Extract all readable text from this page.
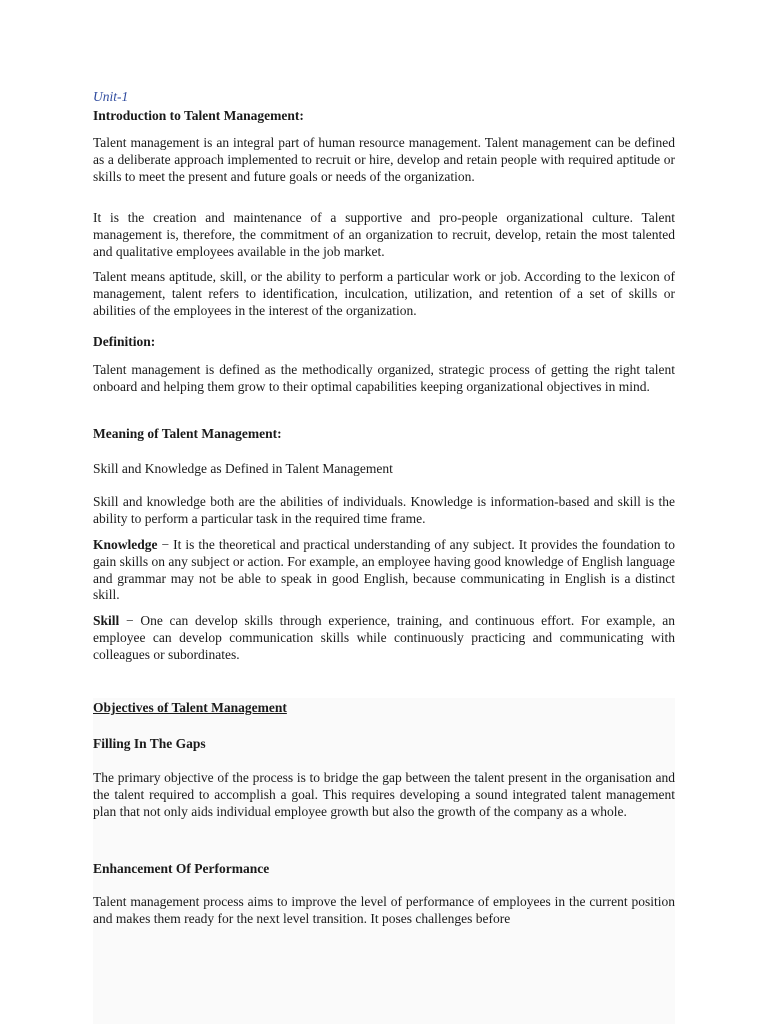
Unit-1
Introduction to Talent Management:

Talent management is an integral part of human resource management. Talent management can be defined as a deliberate approach implemented to recruit or hire, develop and retain people with required aptitude or skills to meet the present and future goals or needs of the organization.

It is the creation and maintenance of a supportive and pro-people organizational culture. Talent management is, therefore, the commitment of an organization to recruit, develop, retain the most talented and qualitative employees available in the job market.

Talent means aptitude, skill, or the ability to perform a particular work or job. According to the lexicon of management, talent refers to identification, inculcation, utilization, and retention of a set of skills or abilities of the employees in the interest of the organization.

Definition:

Talent management is defined as the methodically organized, strategic process of getting the right talent onboard and helping them grow to their optimal capabilities keeping organizational objectives in mind.

Meaning of Talent Management:

Skill and Knowledge as Defined in Talent Management

Skill and knowledge both are the abilities of individuals. Knowledge is information-based and skill is the ability to perform a particular task in the required time frame.

Knowledge − It is the theoretical and practical understanding of any subject. It provides the foundation to gain skills on any subject or action. For example, an employee having good knowledge of English language and grammar may not be able to speak in good English, because communicating in English is a distinct skill.

Skill − One can develop skills through experience, training, and continuous effort. For example, an employee can develop communication skills while continuously practicing and communicating with colleagues or subordinates.

Objectives of Talent Management
Filling In The Gaps

The primary objective of the process is to bridge the gap between the talent present in the organisation and the talent required to accomplish a goal. This requires developing a sound integrated talent management plan that not only aids individual employee growth but also the growth of the company as a whole.

Enhancement Of Performance

Talent management process aims to improve the level of performance of employees in the current position and makes them ready for the next level transition. It poses challenges before
